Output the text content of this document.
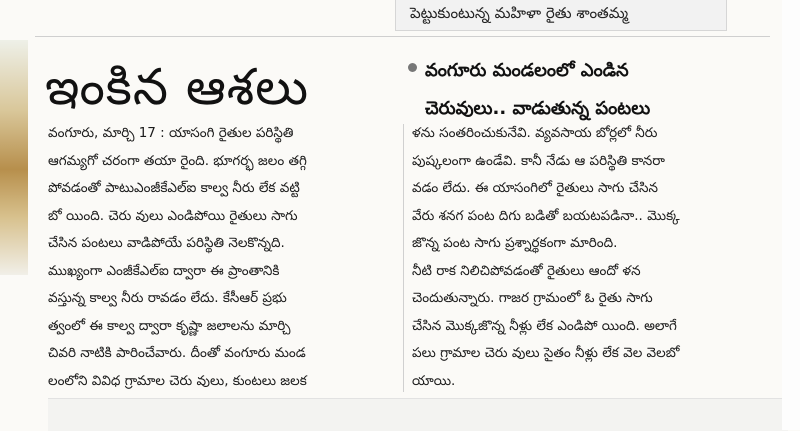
పెట్టుకుంటున్న మహిళా రైతు శాంతమ్మ
ఇంకిన ఆశలు	వంగూరు మండలంలో ఎండిన
చెరువులు.. వాడుతున్న పంటలు
వంగూరు, మార్చి 17 : యాసంగి రైతుల పరిస్థితి
ఆగమ్యగో చరంగా తయా రైంది. భూగర్భ జలం తగ్గి
పోవడంతో పాటుఎంజీకేఎల్ఐ కాల్వ నీరు లేక వట్టి
బో యింది. చెరు వులు ఎండిపోయి రైతులు సాగు
చేసిన పంటలు వాడిపోయే పరిస్థితి నెలకొన్నది.
ముఖ్యంగా ఎంజీకేఎల్ఐ ద్వారా ఈ ప్రాంతానికి
వస్తున్న కాల్వ నీరు రావడం లేదు. కేసీఆర్ ప్రభు
త్వంలో ఈ కాల్వ ద్వారా కృష్ణా జలాలను మార్చి
చివరి నాటికి పారించేవారు. దీంతో వంగూరు మండ
లంలోని వివిధ గ్రామాల చెరు వులు, కుంటలు జలక
ళను సంతరించుకునేవి. వ్యవసాయ బోర్లలో నీరు
పుష్కలంగా ఉండేవి. కానీ నేడు ఆ పరిస్థితి కానరా
వడం లేదు. ఈ యాసంగిలో రైతులు సాగు చేసిన
వేరు శనగ పంట దిగు బడితో బయటపడినా.. మొక్క
జొన్న పంట సాగు ప్రశ్నార్థకంగా మారింది.
నీటి రాక నిలిచిపోవడంతో రైతులు ఆందో ళన
చెందుతున్నారు. గాజర గ్రామంలో ఓ రైతు సాగు
చేసిన మొక్కజొన్న నీళ్లు లేక ఎండిపో యింది. అలాగే
పలు గ్రామాల చెరు వులు సైతం నీళ్లు లేక వెల వెలబో
యాయి.
